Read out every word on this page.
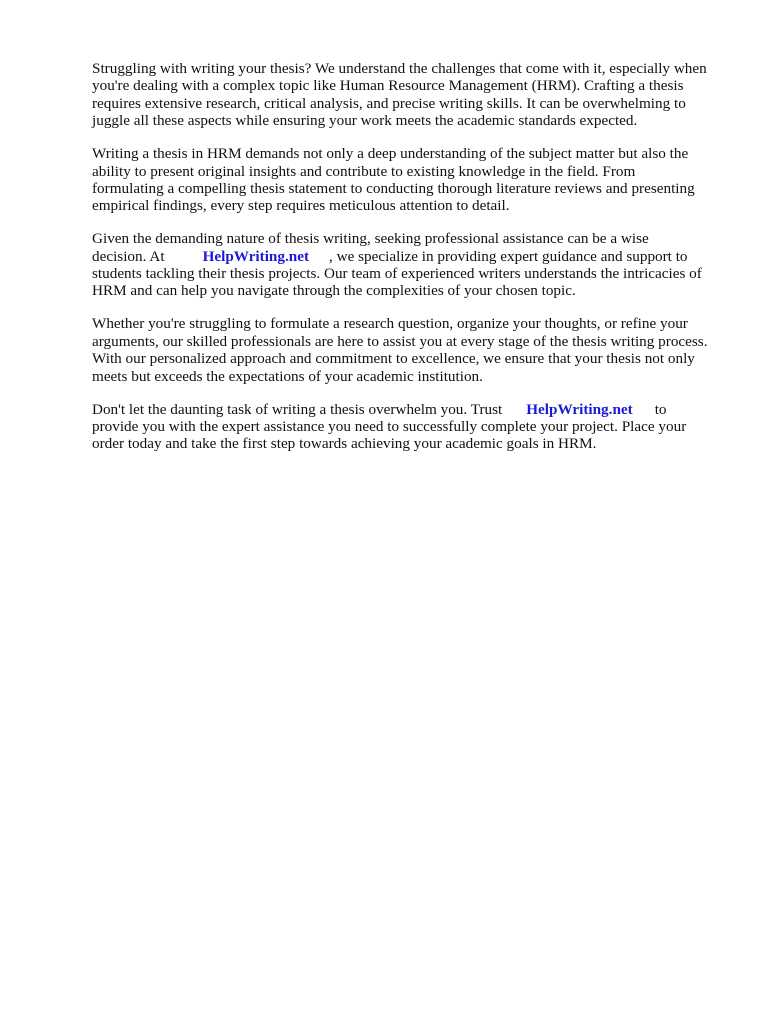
Struggling with writing your thesis? We understand the challenges that come with it, especially when
you're dealing with a complex topic like Human Resource Management (HRM). Crafting a thesis
requires extensive research, critical analysis, and precise writing skills. It can be overwhelming to
juggle all these aspects while ensuring your work meets the academic standards expected.

Writing a thesis in HRM demands not only a deep understanding of the subject matter but also the
ability to present original insights and contribute to existing knowledge in the field. From
formulating a compelling thesis statement to conducting thorough literature reviews and presenting
empirical findings, every step requires meticulous attention to detail.

Given the demanding nature of thesis writing, seeking professional assistance can be a wise
decision. At	HelpWriting.net , we specialize in providing expert guidance and support to
students tackling their thesis projects. Our team of experienced writers understands the intricacies of
HRM and can help you navigate through the complexities of your chosen topic.

Whether you're struggling to formulate a research question, organize your thoughts, or refine your
arguments, our skilled professionals are here to assist you at every stage of the thesis writing process.
With our personalized approach and commitment to excellence, we ensure that your thesis not only
meets but exceeds the expectations of your academic institution.

Don't let the daunting task of writing a thesis overwhelm you. Trust HelpWriting.net to
provide you with the expert assistance you need to successfully complete your project. Place your
order today and take the first step towards achieving your academic goals in HRM.
